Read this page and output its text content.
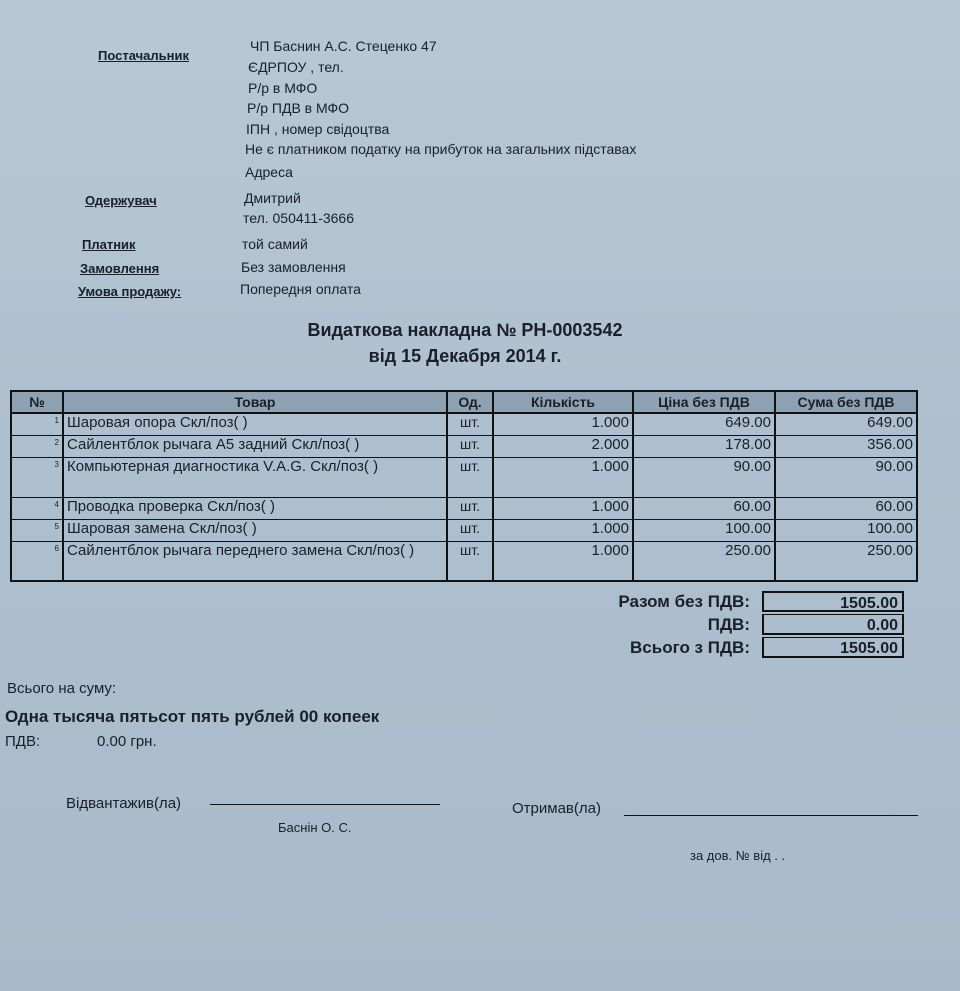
Постачальник
ЧП Баснин А.С. Стеценко 47
ЄДРПОУ , тел.
Р/р в МФО
Р/р ПДВ в МФО
ІПН , номер свідоцтва
Не є платником податку на прибуток на загальних підставах
Адреса
Одержувач	Дмитрий
тел. 050411-3666
Платник	той самий
Замовлення	Без замовлення
Умова продажу:	Попередня оплата
Видаткова накладна № РН-0003542
від 15 Декабря 2014 г.
№	Товар	Од.	Кількість	Ціна без ПДВ	Сума без ПДВ
1	Шаровая опора Скл/поз( )	шт.	1.000	649.00	649.00
2	Сайлентблок рычага А5 задний Скл/поз( )	шт.	2.000	178.00	356.00
3	Компьютерная диагностика V.A.G. Скл/поз( )	шт.	1.000	90.00	90.00
4	Проводка проверка Скл/поз( )	шт.	1.000	60.00	60.00
5	Шаровая замена Скл/поз( )	шт.	1.000	100.00	100.00
6	Сайлентблок рычага переднего замена Скл/поз( )	шт.	1.000	250.00	250.00
Разом без ПДВ:	1505.00
ПДВ:	0.00
Всього з ПДВ:	1505.00
Всього на суму:
Одна тысяча пятьсот пять рублей 00 копеек
ПДВ:	0.00 грн.
Відвантажив(ла)
Баснін О. С.
Отримав(ла)
за дов. № від . .
